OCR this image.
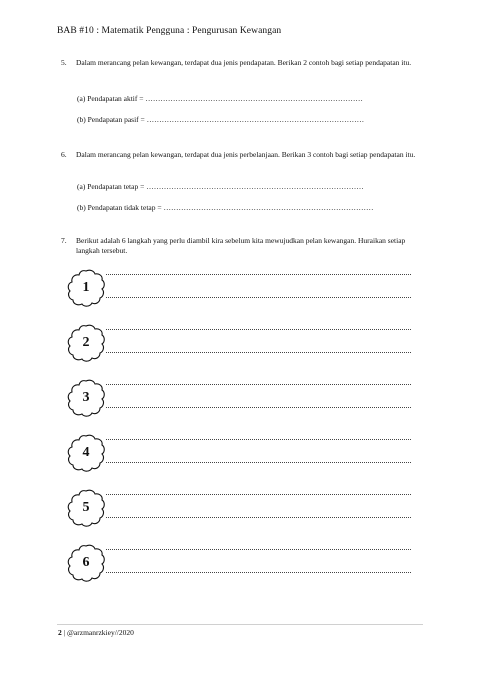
BAB #10 : Matematik Pengguna : Pengurusan Kewangan
5. Dalam merancang pelan kewangan, terdapat dua jenis pendapatan. Berikan 2 contoh bagi setiap pendapatan itu.
(a) Pendapatan aktif = ……………………………………………………………………………
(b) Pendapatan pasif = ……………………………………………………………………………
6. Dalam merancang pelan kewangan, terdapat dua jenis perbelanjaan. Berikan 3 contoh bagi setiap pendapatan itu.
(a) Pendapatan tetap = ……………………………………………………………………………
(b) Pendapatan tidak tetap = …………………………………………………………………………
7. Berikut adalah 6 langkah yang perlu diambil kira sebelum kita mewujudkan pelan kewangan. Huraikan setiap langkah tersebut.
2 | @arzmanrzkiey//2020
1
2
3
4
5
6
